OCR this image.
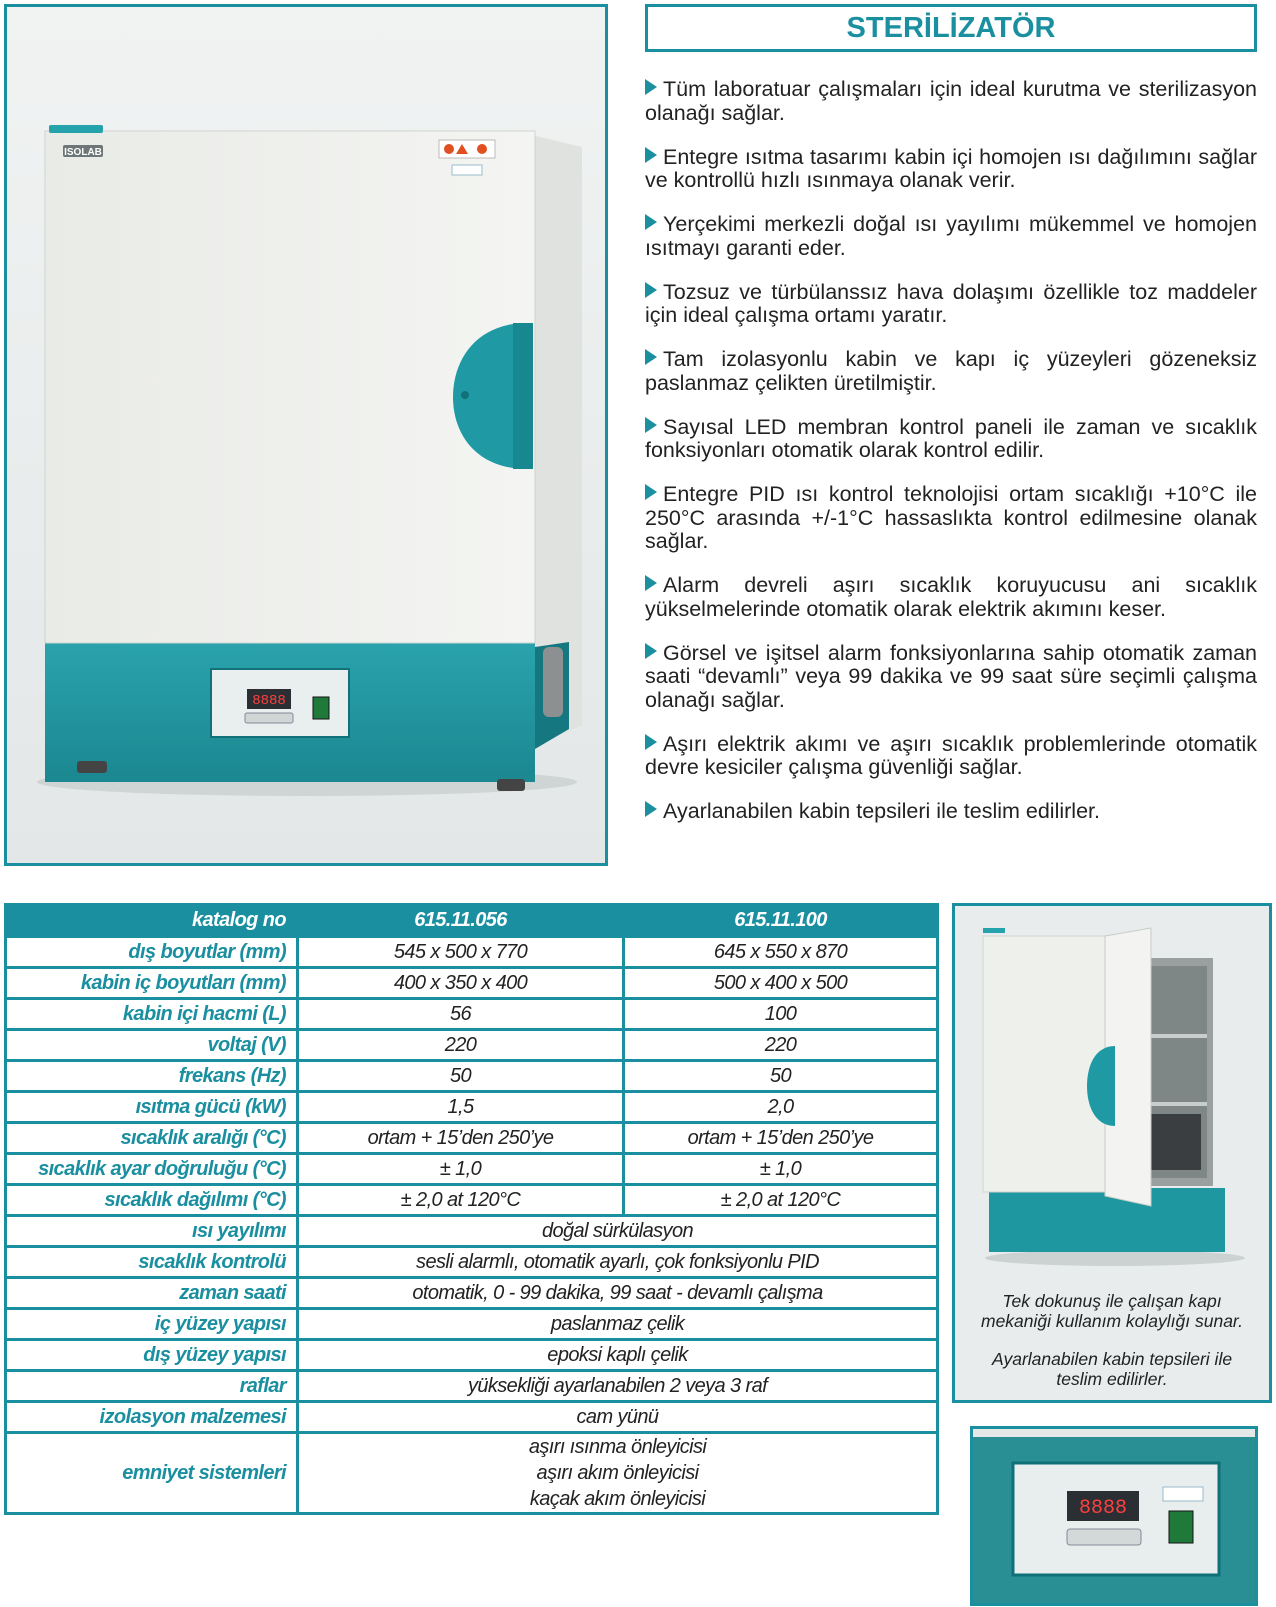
ISOLAB
8888
STERİLİZATÖR
Tüm laboratuar çalışmaları için ideal kurutma ve sterilizasyon olanağı sağlar.
Entegre ısıtma tasarımı kabin içi homojen ısı dağılımını sağlar ve kontrollü hızlı ısınmaya olanak verir.
Yerçekimi merkezli doğal ısı yayılımı mükemmel ve homojen ısıtmayı garanti eder.
Tozsuz ve türbülanssız hava dolaşımı özellikle toz maddeler için ideal çalışma ortamı yaratır.
Tam izolasyonlu kabin ve kapı iç yüzeyleri gözeneksiz paslanmaz çelikten üretilmiştir.
Sayısal LED membran kontrol paneli ile zaman ve sıcaklık fonksiyonları otomatik olarak kontrol edilir.
Entegre PID ısı kontrol teknolojisi ortam sıcaklığı +10°C ile 250°C arasında +/-1°C hassaslıkta kontrol edilmesine olanak sağlar.
Alarm devreli aşırı sıcaklık koruyucusu ani sıcaklık yükselmelerinde otomatik olarak elektrik akımını keser.
Görsel ve işitsel alarm fonksiyonlarına sahip otomatik zaman saati “devamlı” veya 99 dakika ve 99 saat süre seçimli çalışma olanağı sağlar.
Aşırı elektrik akımı ve aşırı sıcaklık problemlerinde otomatik devre kesiciler çalışma güvenliği sağlar.
Ayarlanabilen kabin tepsileri ile teslim edilirler.
katalog no	615.11.056	615.11.100
dış boyutlar (mm)	545 x 500 x 770	645 x 550 x 870
kabin iç boyutları (mm)	400 x 350 x 400	500 x 400 x 500
kabin içi hacmi (L)	56	100
voltaj (V)	220	220
frekans (Hz)	50	50
ısıtma gücü (kW)	1,5	2,0
sıcaklık aralığı (°C)	ortam + 15’den 250’ye	ortam + 15’den 250’ye
sıcaklık ayar doğruluğu (°C)	± 1,0	± 1,0
sıcaklık dağılımı (°C)	± 2,0 at 120°C	± 2,0 at 120°C
ısı yayılımı	doğal sürkülasyon	
sıcaklık kontrolü	sesli alarmlı, otomatik ayarlı, çok fonksiyonlu PID	
zaman saati	otomatik, 0 - 99 dakika, 99 saat - devamlı çalışma	
iç yüzey yapısı	paslanmaz çelik	
dış yüzey yapısı	epoksi kaplı çelik	
raflar	yüksekliği ayarlanabilen 2 veya 3 raf	
izolasyon malzemesi	cam yünü	
emniyet sistemleri	aşırı ısınma önleyicisi
aşırı akım önleyicisi
kaçak akım önleyicisi	
Tek dokunuş ile çalışan kapı mekaniği kullanım kolaylığı sunar.
Ayarlanabilen kabin tepsileri ile teslim edilirler.
8888
